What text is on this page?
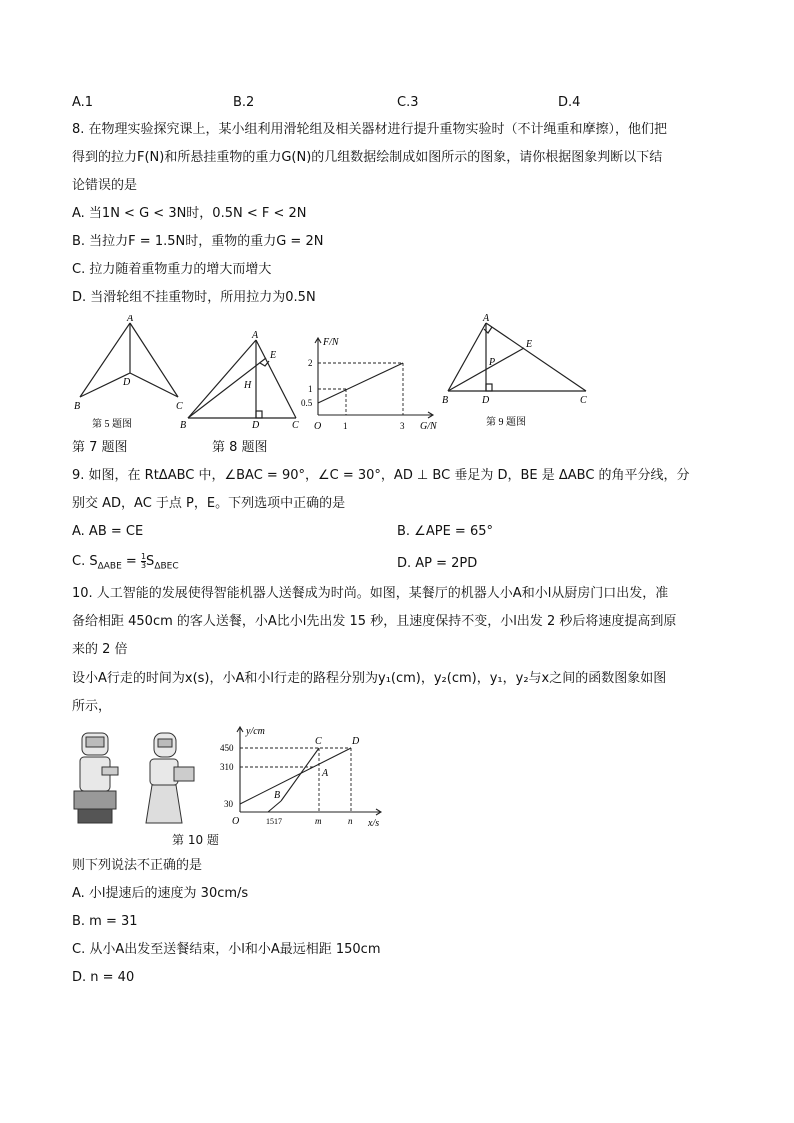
A.1	B.2	C.3	D.4
8. 在物理实验探究课上，某小组利用滑轮组及相关器材进行提升重物实验时（不计绳重和摩擦），他们把
得到的拉力F(N)和所悬挂重物的重力G(N)的几组数据绘制成如图所示的图象，请你根据图象判断以下结
论错误的是
A. 当1N < G < 3N时，0.5N < F < 2N
B. 当拉力F = 1.5N时，重物的重力G = 2N
C. 拉力随着重物重力的增大而增大
D. 当滑轮组不挂重物时，所用拉力为0.5N
A
B	C
D
第 5 题图
A
B	C
D
E
H
F/N
G/N
2
1
0.5
O 1	3
A
B	C
D
E
P
第 9 题图
第 7 题图	第 8 题图
9. 如图，在 RtΔABC 中，∠BAC = 90°，∠C = 30°，AD ⊥ BC 垂足为 D，BE 是 ΔABC 的角平分线，分
别交 AD，AC 于点 P，E。下列选项中正确的是
A. AB = CE	B. ∠APE = 65°
C. $S_{\Delta ABE} = \frac{1}{3} S_{\Delta BEC}$	D. AP = 2PD
10. 人工智能的发展使得智能机器人送餐成为时尚。如图，某餐厅的机器人小A和小l从厨房门口出发，准
备给相距 450cm 的客人送餐，小A比小l先出发 15 秒，且速度保持不变，小l出发 2 秒后将速度提高到原
来的 2 倍
设小A行走的时间为x(s)，小A和小l行走的路程分别为y₁(cm)，y₂(cm)，y₁，y₂与x之间的函数图象如图
所示，
y/cm
x/s
450
310
30
O	1517	m	n
C	D
A
B
第 10 题
则下列说法不正确的是
A. 小l提速后的速度为 30cm/s
B. m = 31
C. 从小A出发至送餐结束，小l和小A最远相距 150cm
D. n = 40
